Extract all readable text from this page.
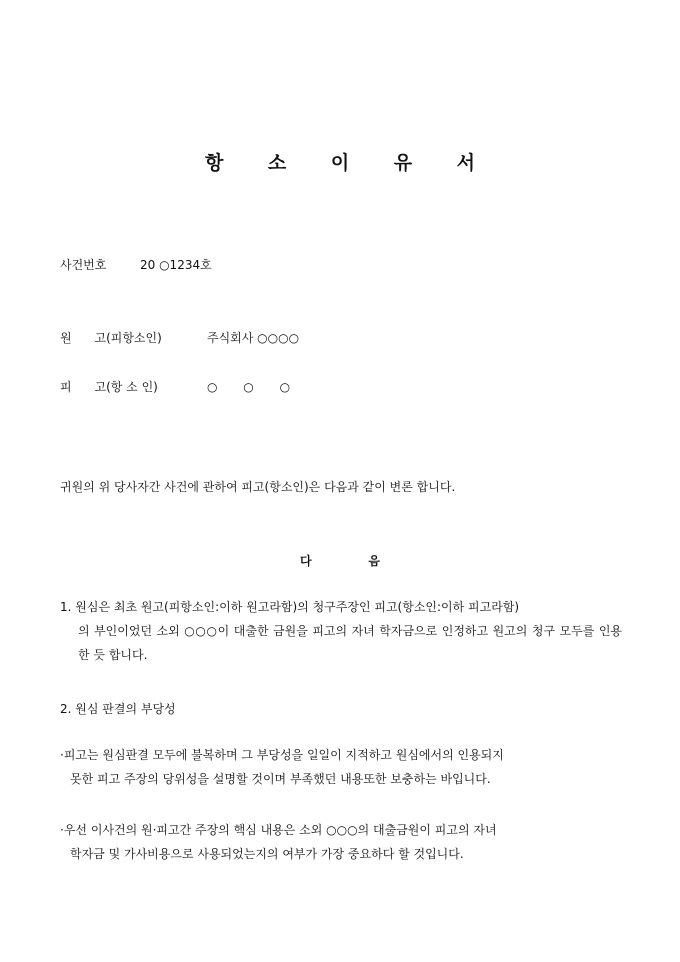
항 소 이 유 서
사건번호	20 ○1234호
원      고(피항소인)	주식회사 ○○○○
피      고(항 소 인)	○ ○ ○
귀원의 위 당사자간 사건에 관하여 피고(항소인)은 다음과 같이 변론 합니다.
다	음
1. 원심은 최초 원고(피항소인:이하 원고라함)의 청구주장인 피고(항소인:이하 피고라함)
의 부인이었던 소외 ○○○이 대출한 금원을 피고의 자녀 학자금으로 인정하고 원고의 청구 모두를 인용한 듯 합니다.
2. 원심 판결의 부당성
·피고는 원심판결 모두에 불복하며 그 부당성을 일일이 지적하고 원심에서의 인용되지
못한 피고 주장의 당위성을 설명할 것이며 부족했던 내용또한 보충하는 바입니다.
·우선 이사건의 원·피고간 주장의 핵심 내용은 소외 ○○○의 대출금원이 피고의 자녀
학자금 및 가사비용으로 사용되었는지의 여부가 가장 중요하다 할 것입니다.
